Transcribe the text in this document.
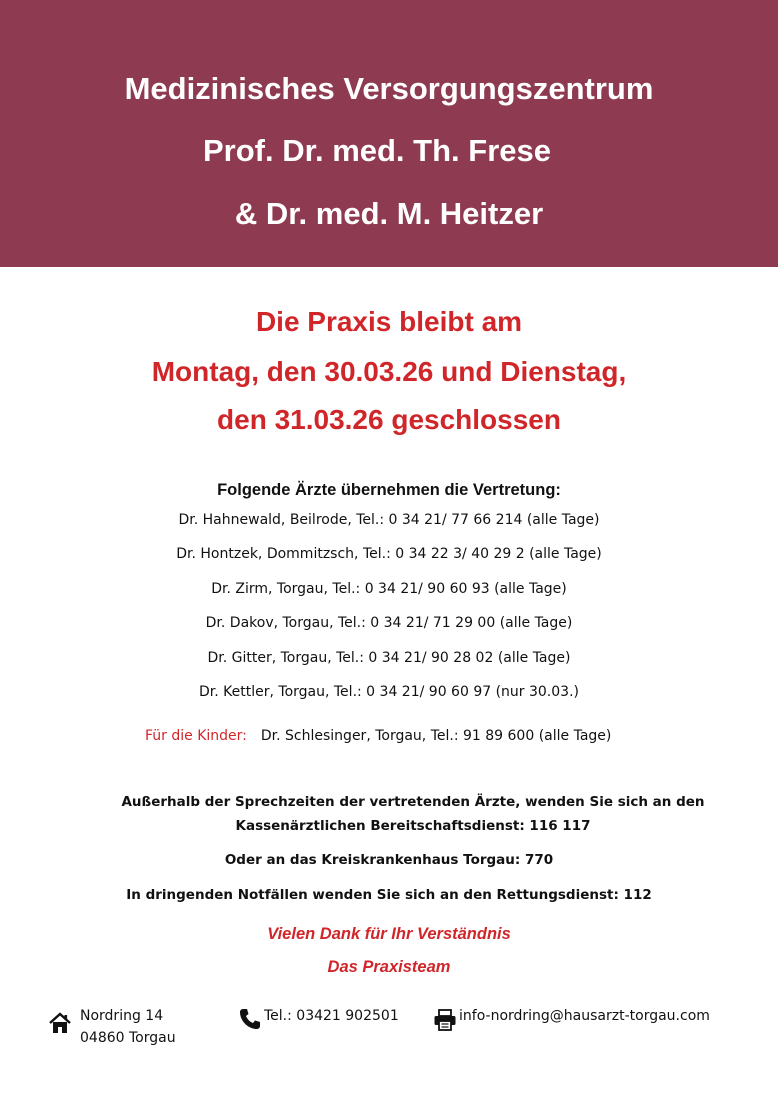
Medizinisches Versorgungszentrum
Prof. Dr. med. Th. Frese
& Dr. med. M. Heitzer
Die Praxis bleibt am
Montag, den 30.03.26 und Dienstag,
den 31.03.26 geschlossen
Folgende Ärzte übernehmen die Vertretung:
Dr. Hahnewald, Beilrode, Tel.: 0 34 21/ 77 66 214 (alle Tage)
Dr. Hontzek, Dommitzsch, Tel.: 0 34 22 3/ 40 29 2 (alle Tage)
Dr. Zirm, Torgau, Tel.: 0 34 21/ 90 60 93 (alle Tage)
Dr. Dakov, Torgau, Tel.: 0 34 21/ 71 29 00 (alle Tage)
Dr. Gitter, Torgau, Tel.: 0 34 21/ 90 28 02 (alle Tage)
Dr. Kettler, Torgau, Tel.: 0 34 21/ 90 60 97 (nur 30.03.)
Für die Kinder: Dr. Schlesinger, Torgau, Tel.: 91 89 600 (alle Tage)
Außerhalb der Sprechzeiten der vertretenden Ärzte, wenden Sie sich an den
Kassenärztlichen Bereitschaftsdienst: 116 117
Oder an das Kreiskrankenhaus Torgau: 770
In dringenden Notfällen wenden Sie sich an den Rettungsdienst: 112
Vielen Dank für Ihr Verständnis
Das Praxisteam
Nordring 14
04860 Torgau
Tel.: 03421 902501	info-nordring@hausarzt-torgau.com
